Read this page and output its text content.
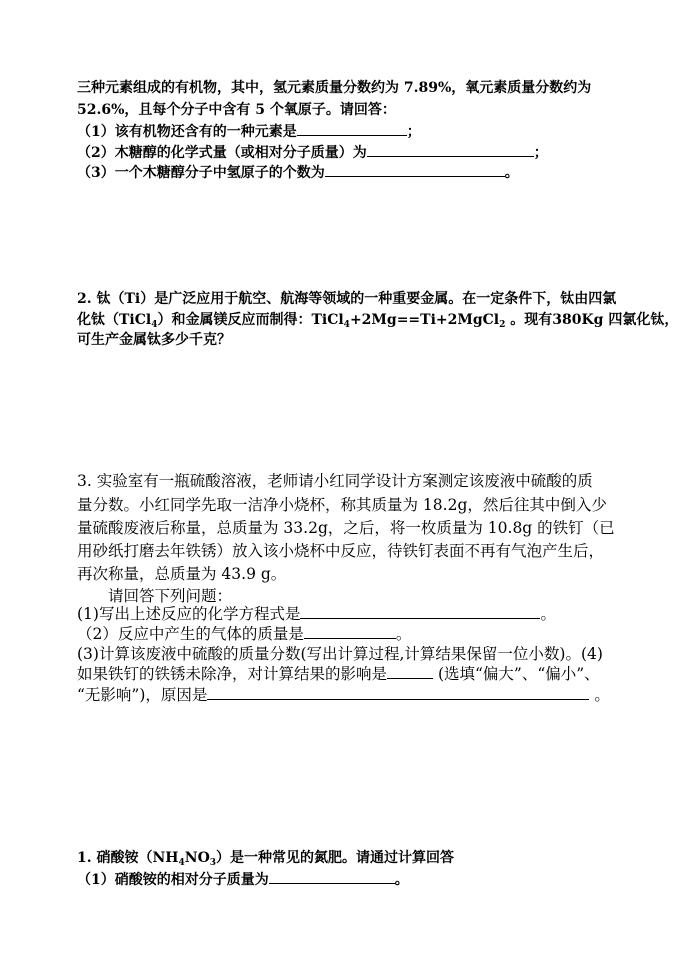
三种元素组成的有机物，其中，氢元素质量分数约为 7.89%，氧元素质量分数约为
52.6%，且每个分子中含有 5 个氧原子。请回答：
（1）该有机物还含有的一种元素是	；
（2）木糖醇的化学式量（或相对分子质量）为	；
（3）一个木糖醇分子中氢原子的个数为	。
2. 钛（Ti）是广泛应用于航空、航海等领域的一种重要金属。在一定条件下，钛由四氯
化钛（TiCl$_4$）和金属镁反应而制得：TiCl$_4$+2Mg==Ti+2MgCl$_2$ 。现有380Kg 四氯化钛，
可生产金属钛多少千克？
3. 实验室有一瓶硫酸溶液，老师请小红同学设计方案测定该废液中硫酸的质
量分数。小红同学先取一洁净小烧杯，称其质量为 18.2g，然后往其中倒入少
量硫酸废液后称量，总质量为 33.2g，之后，将一枚质量为 10.8g 的铁钉（已
用砂纸打磨去年铁锈）放入该小烧杯中反应，待铁钉表面不再有气泡产生后，
再次称量，总质量为 43.9 g。
请回答下列问题：
(1)写出上述反应的化学方程式是	。
（2）反应中产生的气体的质量是	。
(3)计算该废液中硫酸的质量分数(写出计算过程,计算结果保留一位小数)。(4)
如果铁钉的铁锈未除净，对计算结果的影响是	(选填“偏大”、“偏小”、
“无影响”)，原因是	。
1. 硝酸铵$(NH_4NO_3)$是一种常见的氮肥。请通过计算回答
（1）硝酸铵的相对分子质量为	。
